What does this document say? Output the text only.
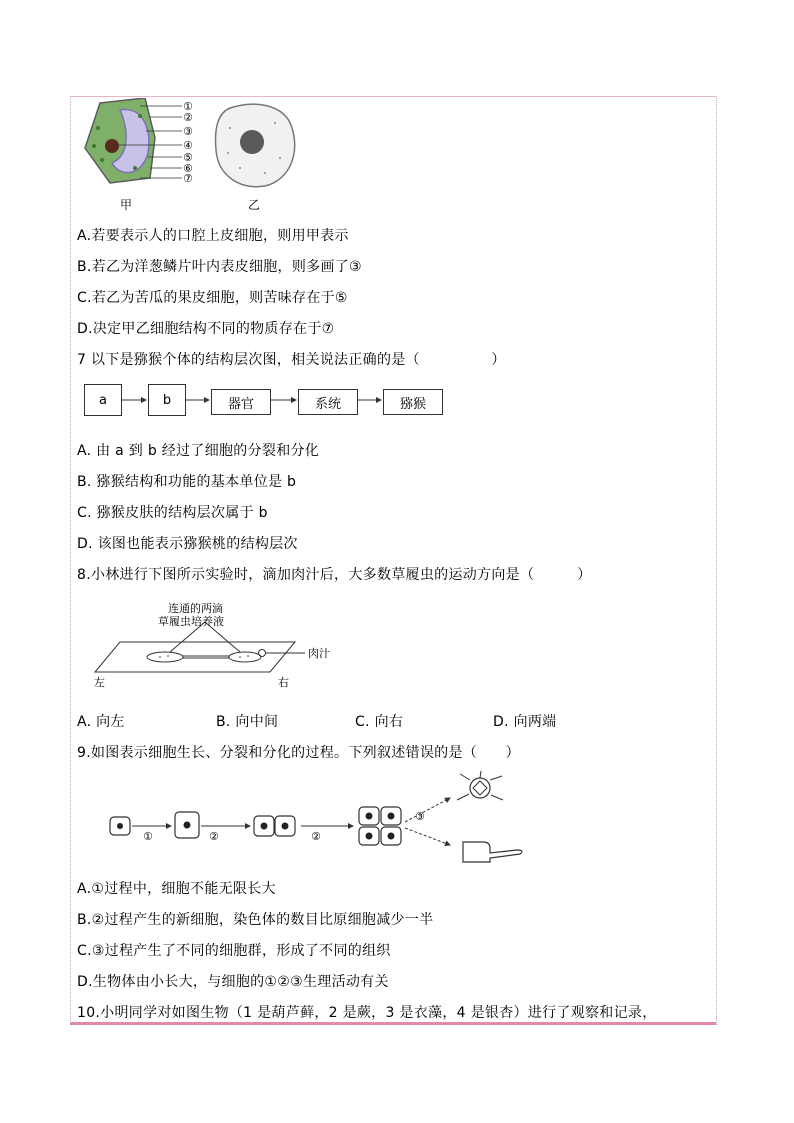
①
②
③
④
⑤
⑥
⑦
甲	乙
A.若要表示人的口腔上皮细胞，则用甲表示
B.若乙为洋葱鳞片叶内表皮细胞，则多画了③
C.若乙为苦瓜的果皮细胞，则苦味存在于⑤
D.决定甲乙细胞结构不同的物质存在于⑦
7 以下是猕猴个体的结构层次图，相关说法正确的是（　　　　　）
a	b	器官	系统	猕猴
A. 由 a 到 b 经过了细胞的分裂和分化
B. 猕猴结构和功能的基本单位是 b
C. 猕猴皮肤的结构层次属于 b
D. 该图也能表示猕猴桃的结构层次
8.小林进行下图所示实验时，滴加肉汁后，大多数草履虫的运动方向是（　　　）
连通的两滴
草履虫培养液
肉汁
左	右
A. 向左	B. 向中间	C. 向右	D. 向两端
9.如图表示细胞生长、分裂和分化的过程。下列叙述错误的是（　　）
①	②	②
③
A.①过程中，细胞不能无限长大
B.②过程产生的新细胞，染色体的数目比原细胞减少一半
C.③过程产生了不同的细胞群，形成了不同的组织
D.生物体由小长大，与细胞的①②③生理活动有关
10.小明同学对如图生物（1 是葫芦藓，2 是蕨，3 是衣藻，4 是银杏）进行了观察和记录，
